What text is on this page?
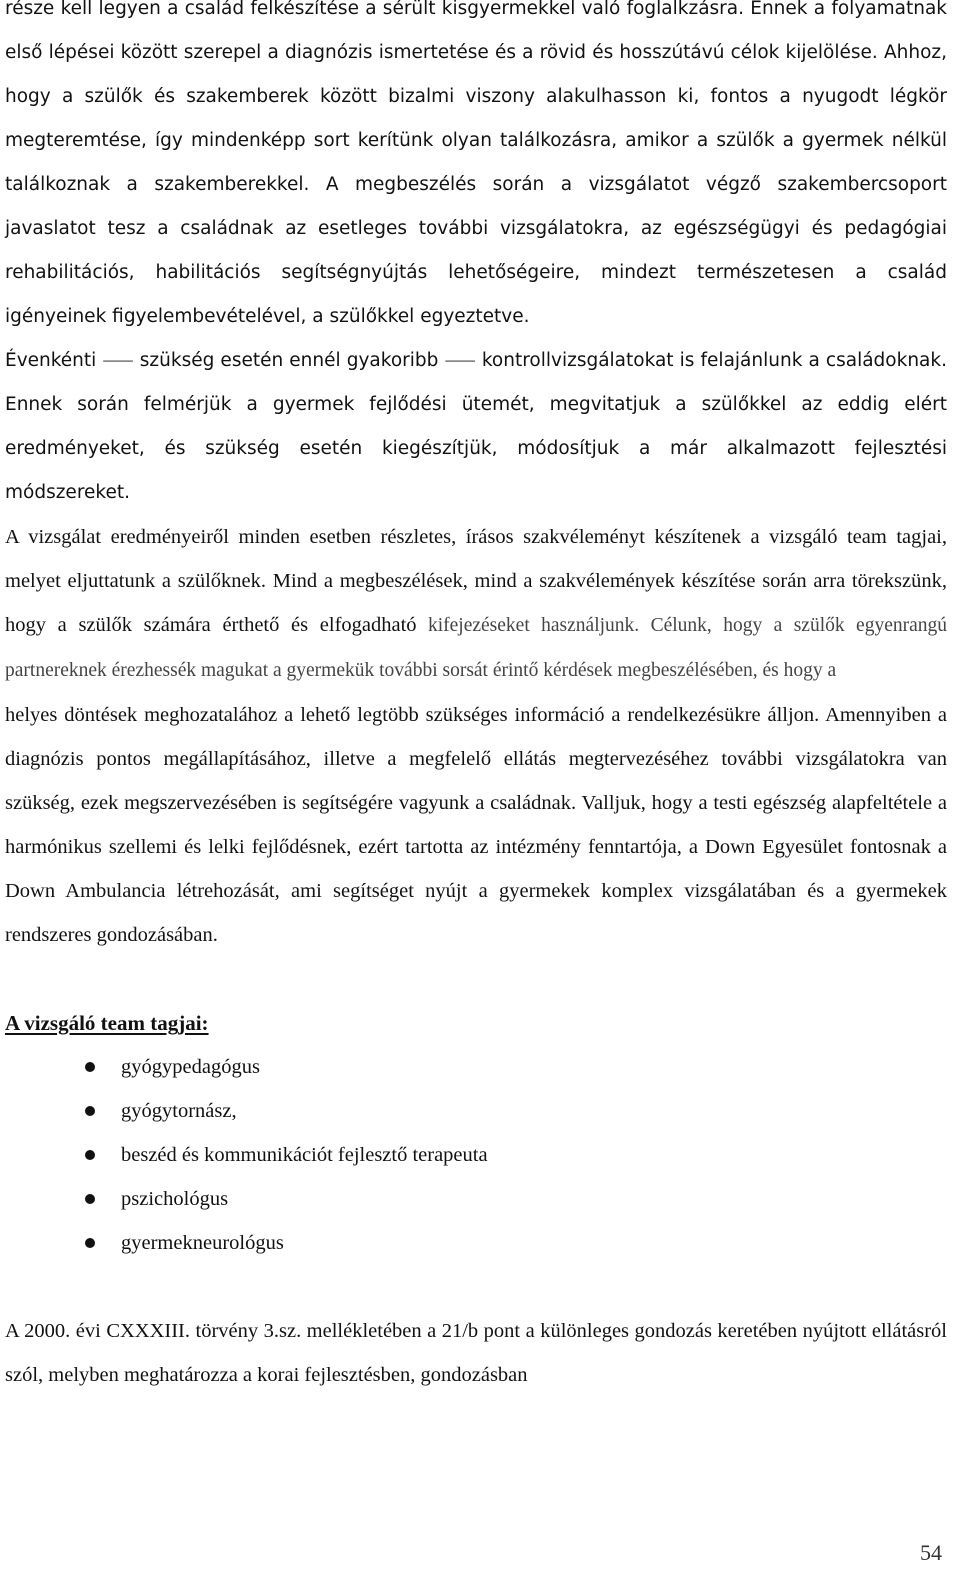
része kell legyen a család felkészítése a sérült kisgyermekkel való foglalkzásra. Ennek a folyamatnak első lépései között szerepel a diagnózis ismertetése és a rövid és hosszútávú célok kijelölése. Ahhoz, hogy a szülők és szakemberek között bizalmi viszony alakulhasson ki, fontos a nyugodt légkör megteremtése, így mindenképp sort kerítünk olyan találkozásra, amikor a szülők a gyermek nélkül találkoznak a szakemberekkel. A megbeszélés során a vizsgálatot végző szakembercsoport javaslatot tesz a családnak az esetleges további vizsgálatokra, az egészségügyi és pedagógiai rehabilitációs, habilitációs segítségnyújtás lehetőségeire, mindezt természetesen a család igényeinek figyelembevételével, a szülőkkel egyeztetve.

Évenkénti ⸺ szükség esetén ennél gyakoribb ⸺ kontrollvizsgálatokat is felajánlunk a családoknak. Ennek során felmérjük a gyermek fejlődési ütemét, megvitatjuk a szülőkkel az eddig elért eredményeket, és szükség esetén kiegészítjük, módosítjuk a már alkalmazott fejlesztési módszereket.

A vizsgálat eredményeiről minden esetben részletes, írásos szakvéleményt készítenek a vizsgáló team tagjai, melyet eljuttatunk a szülőknek. Mind a megbeszélések, mind a szakvélemények készítése során arra törekszünk, hogy a szülők számára érthető és elfogadható kifejezéseket használjunk. Célunk, hogy a szülők egyenrangú partnereknek érezhessék magukat a gyermekük további sorsát érintő kérdések megbeszélésében, és hogy a

helyes döntések meghozatalához a lehető legtöbb szükséges információ a rendelkezésükre álljon. Amennyiben a diagnózis pontos megállapításához, illetve a megfelelő ellátás megtervezéséhez további vizsgálatokra van szükség, ezek megszervezésében is segítségére vagyunk a családnak. Valljuk, hogy a testi egészség alapfeltétele a harmónikus szellemi és lelki fejlődésnek, ezért tartotta az intézmény fenntartója, a Down Egyesület fontosnak a Down Ambulancia létrehozását, ami segítséget nyújt a gyermekek komplex vizsgálatában és a gyermekek rendszeres gondozásában.

A vizsgáló team tagjai:

gyógypedagógus
gyógytornász,
beszéd és kommunikációt fejlesztő terapeuta
pszichológus
gyermekneurológus

A 2000. évi CXXXIII. törvény 3.sz. mellékletében a 21/b pont a különleges gondozás keretében nyújtott ellátásról szól, melyben meghatározza a korai fejlesztésben, gondozásban

54
